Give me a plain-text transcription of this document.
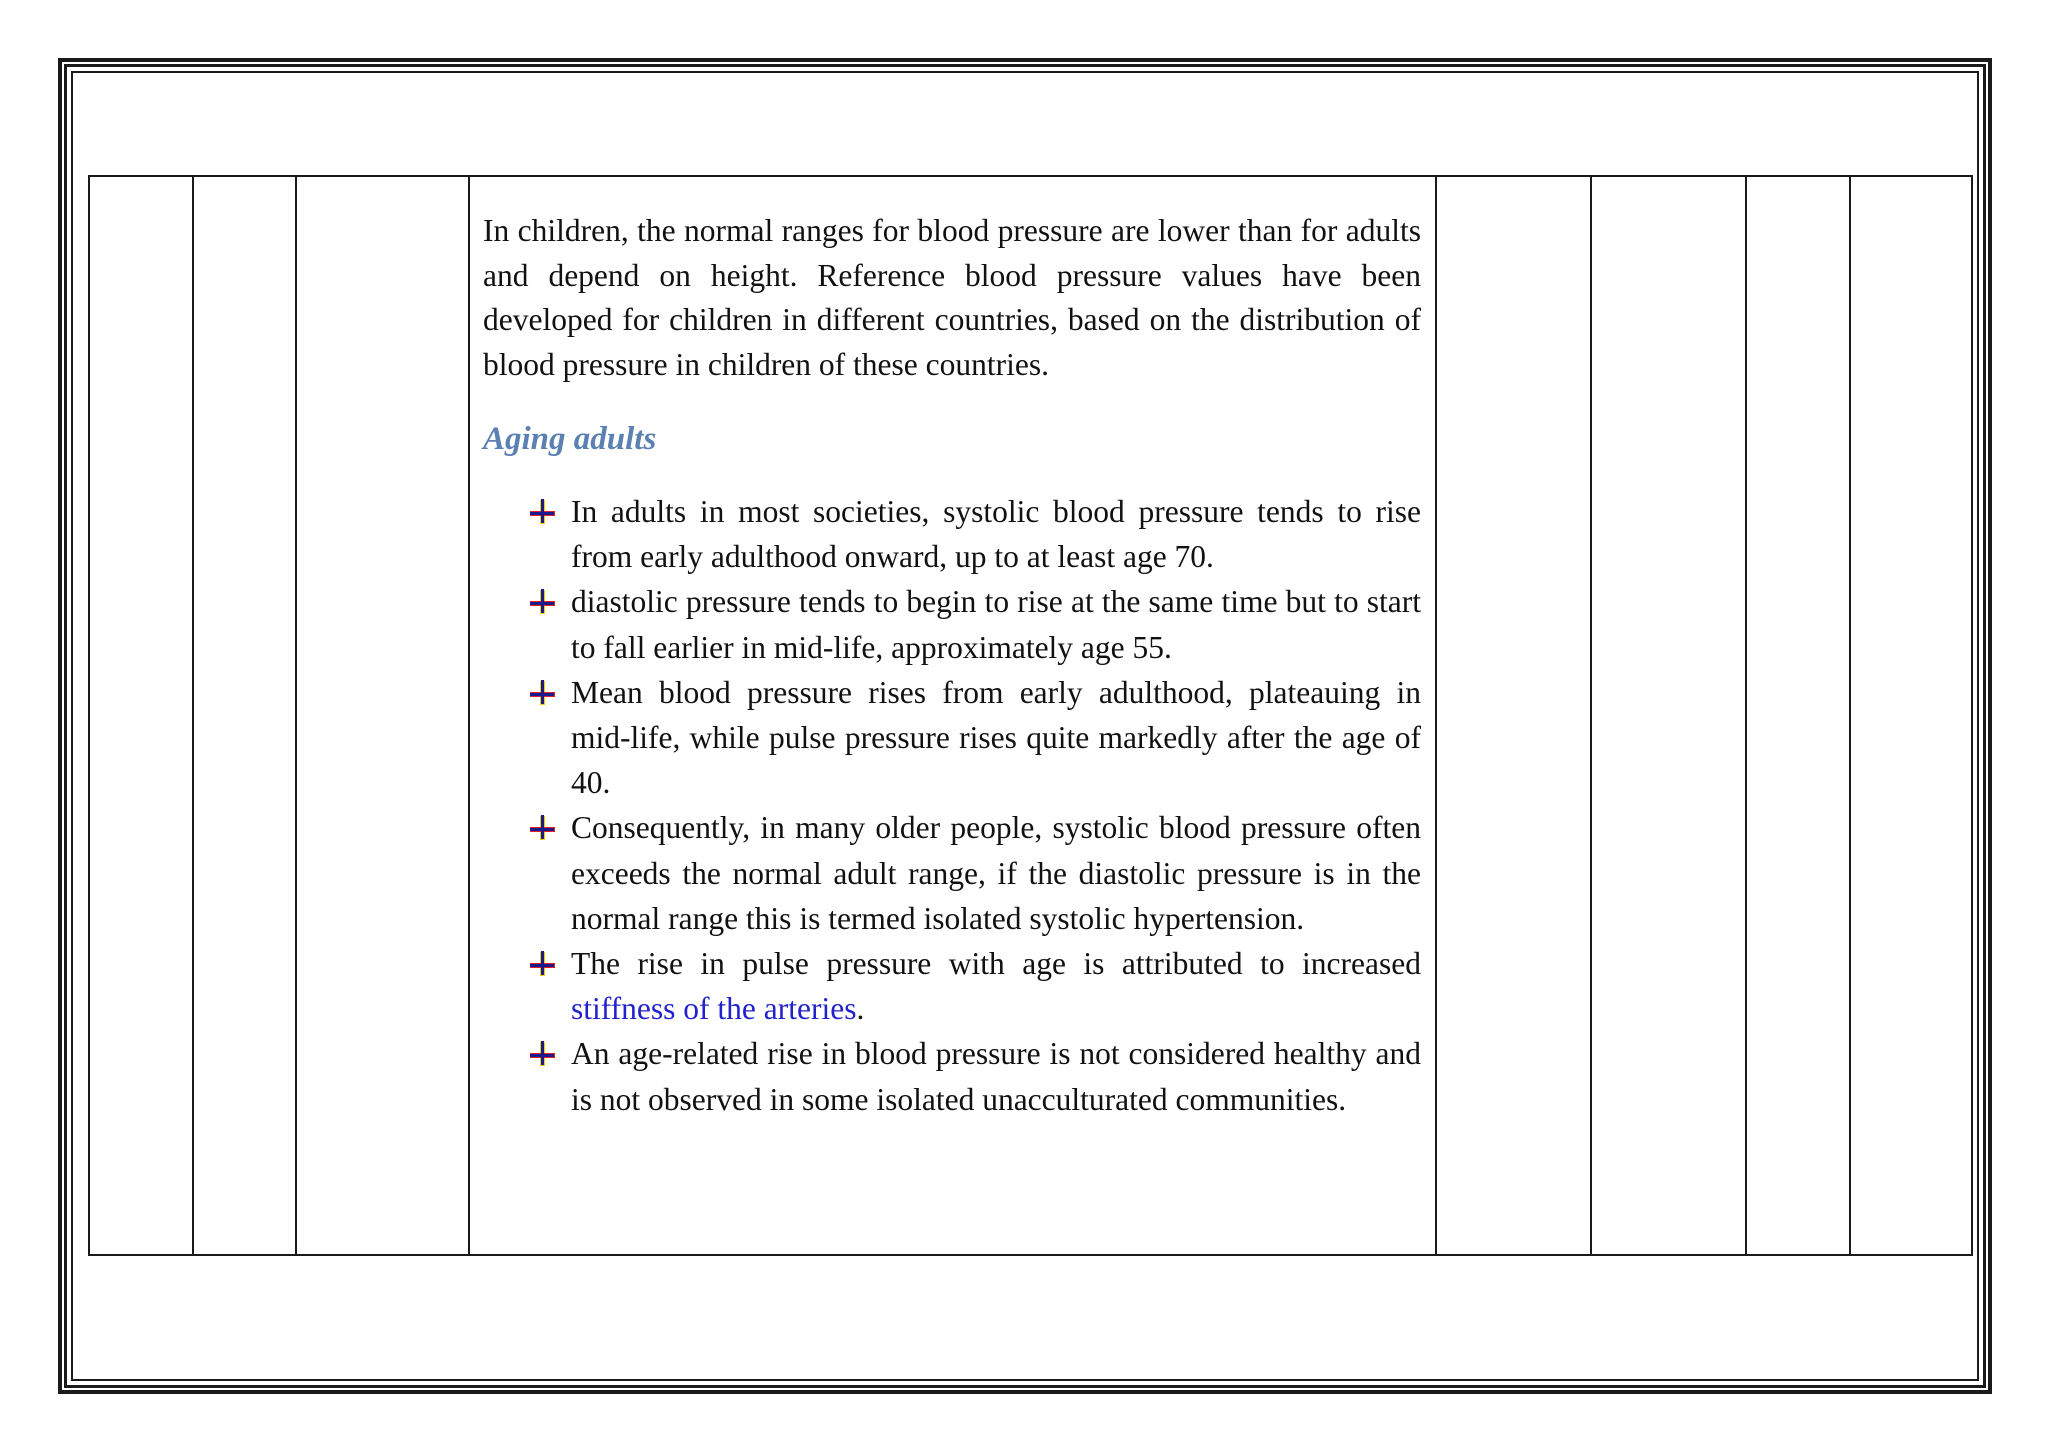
In children, the normal ranges for blood pressure are lower than for adults and depend on height. Reference blood pressure values have been developed for children in different countries, based on the distribution of blood pressure in children of these countries.

Aging adults
In adults in most societies, systolic blood pressure tends to rise from early adulthood onward, up to at least age 70.
diastolic pressure tends to begin to rise at the same time but to start to fall earlier in mid-life, approximately age 55.
Mean blood pressure rises from early adulthood, plateauing in mid-life, while pulse pressure rises quite markedly after the age of 40.
Consequently, in many older people, systolic blood pressure often exceeds the normal adult range, if the diastolic pressure is in the normal range this is termed isolated systolic hypertension.
The rise in pulse pressure with age is attributed to increased stiffness of the arteries.
An age-related rise in blood pressure is not considered healthy and is not observed in some isolated unacculturated communities.
